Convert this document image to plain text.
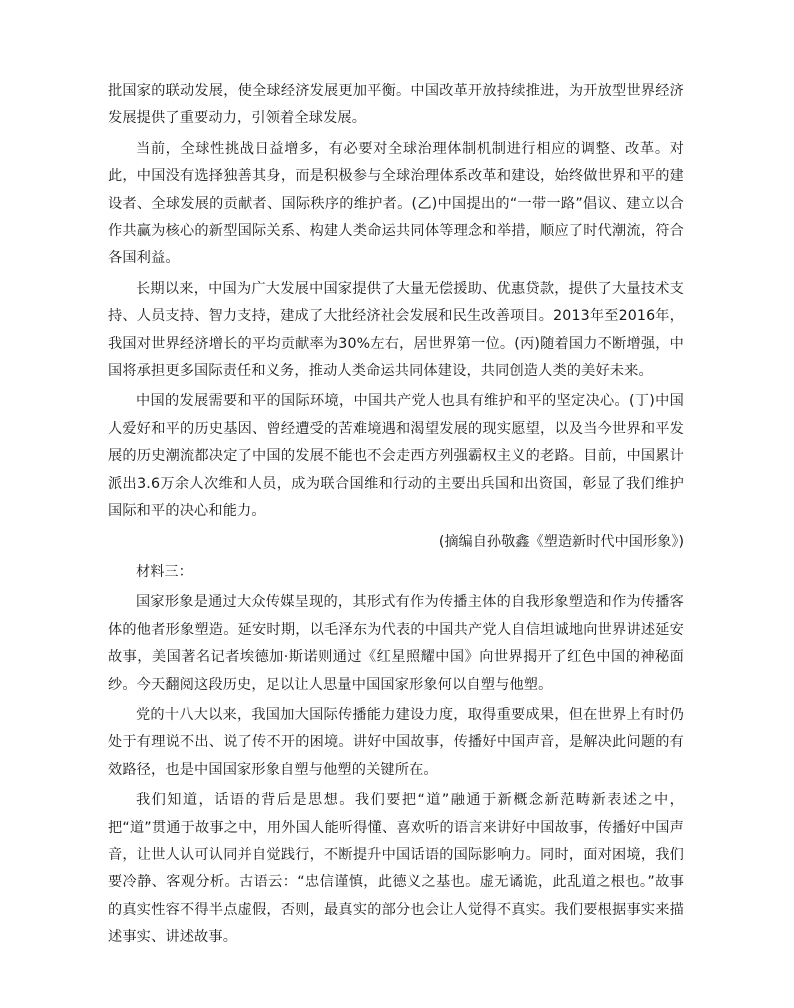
批国家的联动发展，使全球经济发展更加平衡。中国改革开放持续推进，为开放型世界经济发展提供了重要动力，引领着全球发展。

当前，全球性挑战日益增多，有必要对全球治理体制机制进行相应的调整、改革。对此，中国没有选择独善其身，而是积极参与全球治理体系改革和建设，始终做世界和平的建设者、全球发展的贡献者、国际秩序的维护者。(乙)中国提出的“一带一路”倡议、建立以合作共赢为核心的新型国际关系、构建人类命运共同体等理念和举措，顺应了时代潮流，符合各国利益。

长期以来，中国为广大发展中国家提供了大量无偿援助、优惠贷款，提供了大量技术支持、人员支持、智力支持，建成了大批经济社会发展和民生改善项目。2013年至2016年，我国对世界经济增长的平均贡献率为30%左右，居世界第一位。(丙)随着国力不断增强，中国将承担更多国际责任和义务，推动人类命运共同体建设，共同创造人类的美好未来。

中国的发展需要和平的国际环境，中国共产党人也具有维护和平的坚定决心。(丁)中国人爱好和平的历史基因、曾经遭受的苦难境遇和渴望发展的现实愿望，以及当今世界和平发展的历史潮流都决定了中国的发展不能也不会走西方列强霸权主义的老路。目前，中国累计派出3.6万余人次维和人员，成为联合国维和行动的主要出兵国和出资国，彰显了我们维护国际和平的决心和能力。

(摘编自孙敬鑫《塑造新时代中国形象》)

材料三：

国家形象是通过大众传媒呈现的，其形式有作为传播主体的自我形象塑造和作为传播客体的他者形象塑造。延安时期，以毛泽东为代表的中国共产党人自信坦诚地向世界讲述延安故事，美国著名记者埃德加·斯诺则通过《红星照耀中国》向世界揭开了红色中国的神秘面纱。今天翻阅这段历史，足以让人思量中国国家形象何以自塑与他塑。

党的十八大以来，我国加大国际传播能力建设力度，取得重要成果，但在世界上有时仍处于有理说不出、说了传不开的困境。讲好中国故事，传播好中国声音，是解决此问题的有效路径，也是中国国家形象自塑与他塑的关键所在。

我们知道，话语的背后是思想。我们要把“道”融通于新概念新范畴新表述之中，把“道”贯通于故事之中，用外国人能听得懂、喜欢听的语言来讲好中国故事，传播好中国声音，让世人认可认同并自觉践行，不断提升中国话语的国际影响力。同时，面对困境，我们要冷静、客观分析。古语云：“忠信谨慎，此德义之基也。虚无谲诡，此乱道之根也。”故事的真实性容不得半点虚假，否则，最真实的部分也会让人觉得不真实。我们要根据事实来描述事实、讲述故事。
